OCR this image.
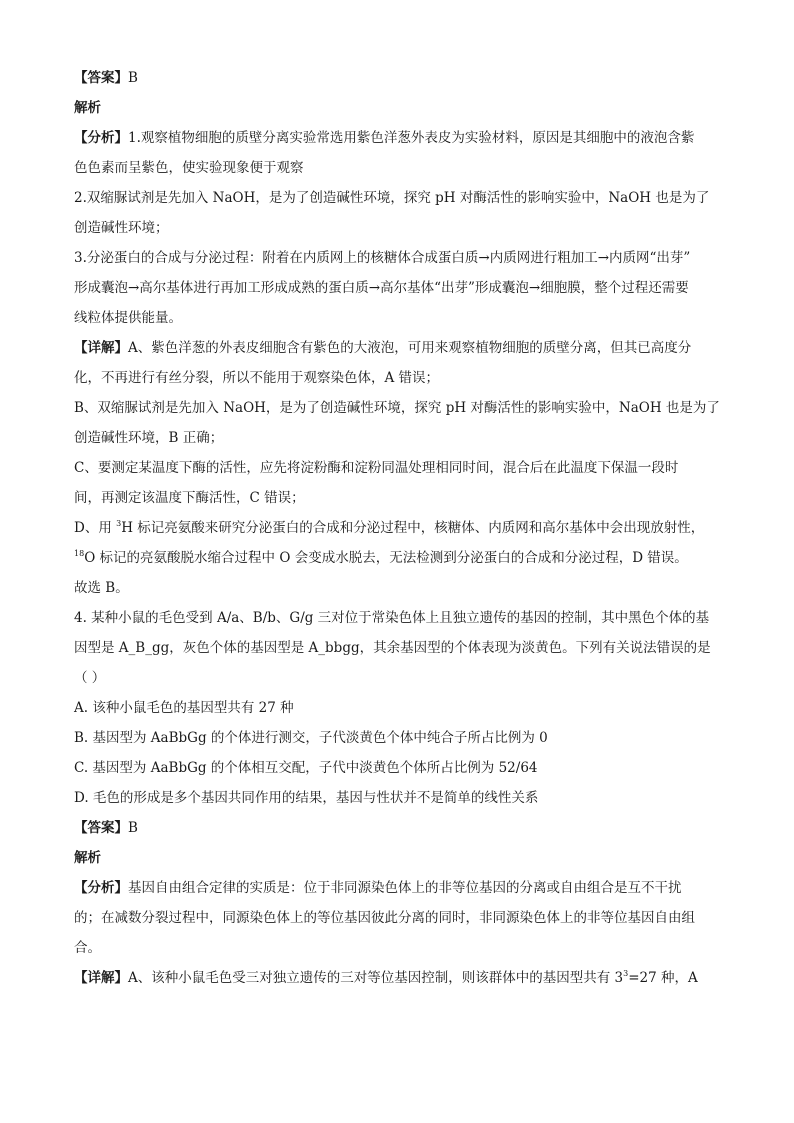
【答案】B
解析
【分析】1.观察植物细胞的质壁分离实验常选用紫色洋葱外表皮为实验材料，原因是其细胞中的液泡含紫
色色素而呈紫色，使实验现象便于观察
2.双缩脲试剂是先加入 NaOH，是为了创造碱性环境，探究 pH 对酶活性的影响实验中，NaOH 也是为了
创造碱性环境；
3.分泌蛋白的合成与分泌过程：附着在内质网上的核糖体合成蛋白质→内质网进行粗加工→内质网“出芽”
形成囊泡→高尔基体进行再加工形成成熟的蛋白质→高尔基体“出芽”形成囊泡→细胞膜，整个过程还需要
线粒体提供能量。
【详解】A、紫色洋葱的外表皮细胞含有紫色的大液泡，可用来观察植物细胞的质壁分离，但其已高度分
化，不再进行有丝分裂，所以不能用于观察染色体，A 错误；
B、双缩脲试剂是先加入 NaOH，是为了创造碱性环境，探究 pH 对酶活性的影响实验中，NaOH 也是为了
创造碱性环境，B 正确；
C、要测定某温度下酶的活性，应先将淀粉酶和淀粉同温处理相同时间，混合后在此温度下保温一段时
间，再测定该温度下酶活性，C 错误；
D、用 $^3$H 标记亮氨酸来研究分泌蛋白的合成和分泌过程中，核糖体、内质网和高尔基体中会出现放射性，
$^{18}$O 标记的亮氨酸脱水缩合过程中 O 会变成水脱去，无法检测到分泌蛋白的合成和分泌过程，D 错误。
故选 B。
4. 某种小鼠的毛色受到 A/a、B/b、G/g 三对位于常染色体上且独立遗传的基因的控制，其中黑色个体的基
因型是 A_B_gg，灰色个体的基因型是 A_bbgg，其余基因型的个体表现为淡黄色。下列有关说法错误的是
（ ）
A. 该种小鼠毛色的基因型共有 27 种
B. 基因型为 AaBbGg 的个体进行测交，子代淡黄色个体中纯合子所占比例为 0
C. 基因型为 AaBbGg 的个体相互交配，子代中淡黄色个体所占比例为 52/64
D. 毛色的形成是多个基因共同作用的结果，基因与性状并不是简单的线性关系
【答案】B
解析
【分析】基因自由组合定律的实质是：位于非同源染色体上的非等位基因的分离或自由组合是互不干扰
的；在减数分裂过程中，同源染色体上的等位基因彼此分离的同时，非同源染色体上的非等位基因自由组
合。
【详解】A、该种小鼠毛色受三对独立遗传的三对等位基因控制，则该群体中的基因型共有 $3^3=27$ 种，A
